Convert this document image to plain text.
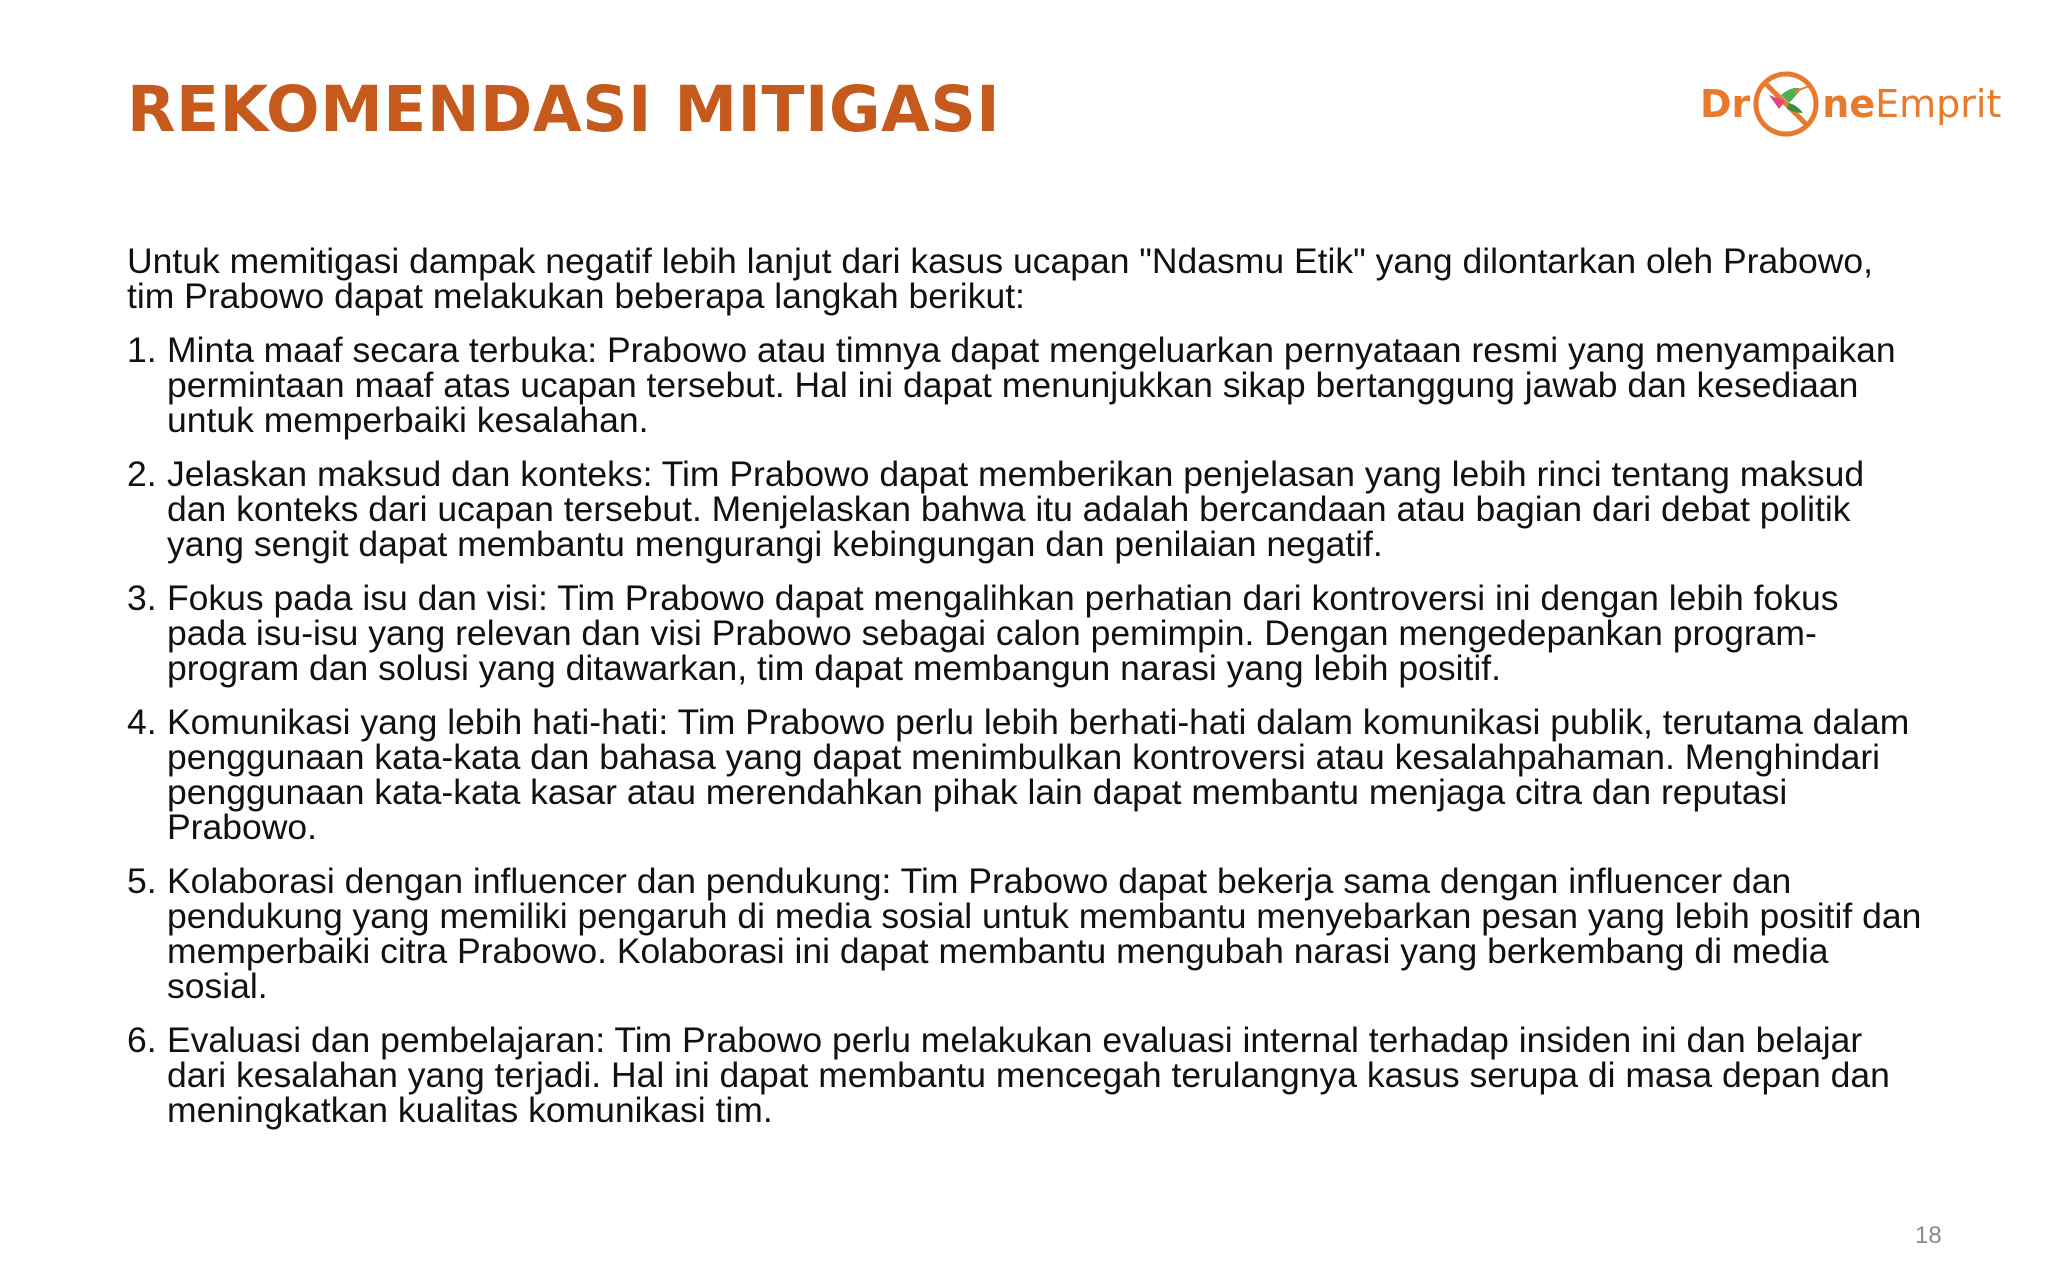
REKOMENDASI MITIGASI	Dr ne Emprit

Untuk memitigasi dampak negatif lebih lanjut dari kasus ucapan "Ndasmu Etik" yang dilontarkan oleh Prabowo, tim Prabowo dapat melakukan beberapa langkah berikut:

1. Minta maaf secara terbuka: Prabowo atau timnya dapat mengeluarkan pernyataan resmi yang menyampaikan permintaan maaf atas ucapan tersebut. Hal ini dapat menunjukkan sikap bertanggung jawab dan kesediaan untuk memperbaiki kesalahan.
2. Jelaskan maksud dan konteks: Tim Prabowo dapat memberikan penjelasan yang lebih rinci tentang maksud dan konteks dari ucapan tersebut. Menjelaskan bahwa itu adalah bercandaan atau bagian dari debat politik yang sengit dapat membantu mengurangi kebingungan dan penilaian negatif.
3. Fokus pada isu dan visi: Tim Prabowo dapat mengalihkan perhatian dari kontroversi ini dengan lebih fokus pada isu-isu yang relevan dan visi Prabowo sebagai calon pemimpin. Dengan mengedepankan program-program dan solusi yang ditawarkan, tim dapat membangun narasi yang lebih positif.
4. Komunikasi yang lebih hati-hati: Tim Prabowo perlu lebih berhati-hati dalam komunikasi publik, terutama dalam penggunaan kata-kata dan bahasa yang dapat menimbulkan kontroversi atau kesalahpahaman. Menghindari penggunaan kata-kata kasar atau merendahkan pihak lain dapat membantu menjaga citra dan reputasi Prabowo.
5. Kolaborasi dengan influencer dan pendukung: Tim Prabowo dapat bekerja sama dengan influencer dan pendukung yang memiliki pengaruh di media sosial untuk membantu menyebarkan pesan yang lebih positif dan memperbaiki citra Prabowo. Kolaborasi ini dapat membantu mengubah narasi yang berkembang di media sosial.
6. Evaluasi dan pembelajaran: Tim Prabowo perlu melakukan evaluasi internal terhadap insiden ini dan belajar dari kesalahan yang terjadi. Hal ini dapat membantu mencegah terulangnya kasus serupa di masa depan dan meningkatkan kualitas komunikasi tim.
18
